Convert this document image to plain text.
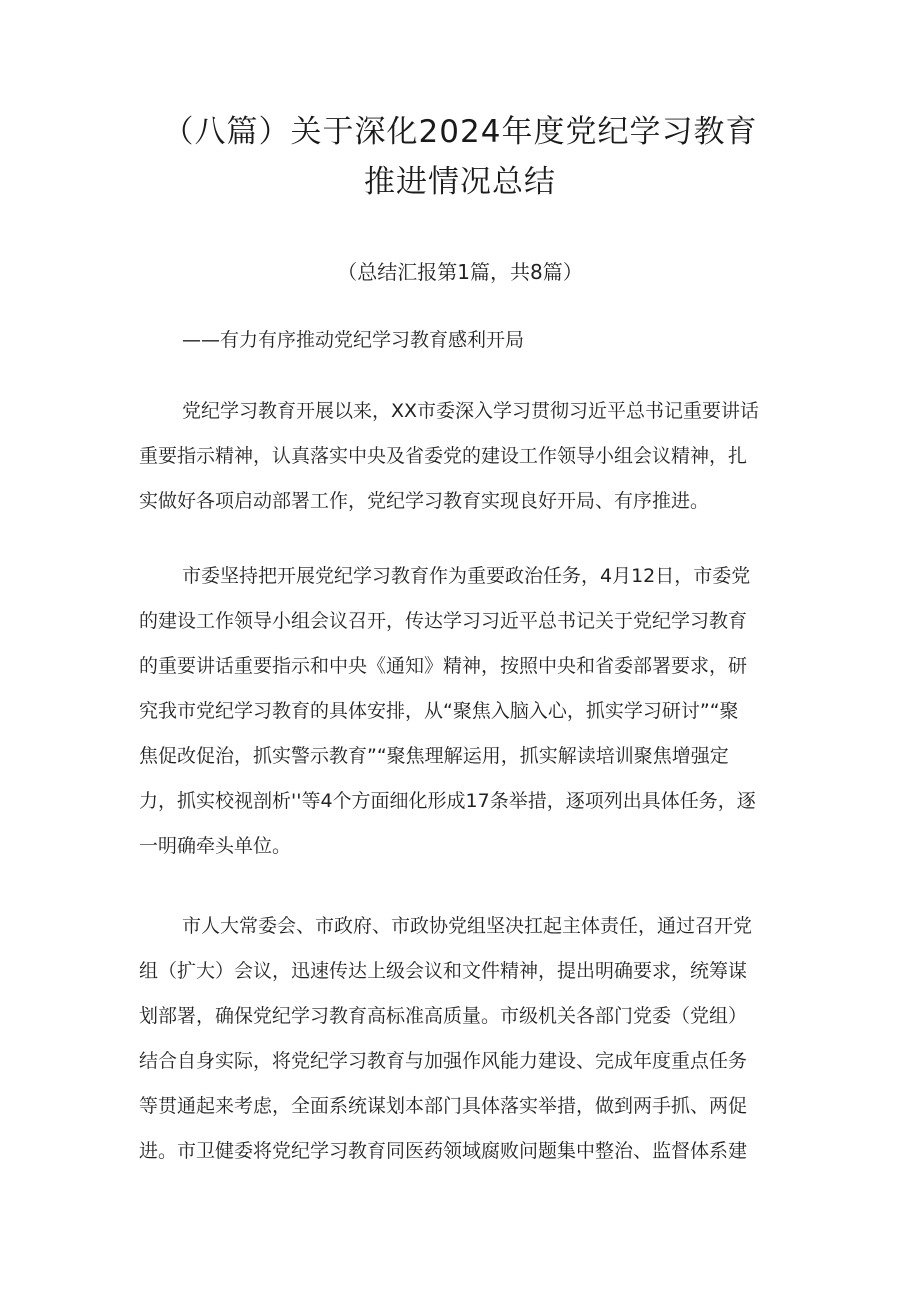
（八篇）关于深化2024年度党纪学习教育
推进情况总结
（总结汇报第1篇，共8篇）
——有力有序推动党纪学习教育感利开局
党纪学习教育开展以来，XX市委深入学习贯彻习近平总书记重要讲话
重要指示精神，认真落实中央及省委党的建设工作领导小组会议精神，扎
实做好各项启动部署工作，党纪学习教育实现良好开局、有序推进。
市委坚持把开展党纪学习教育作为重要政治任务，4月12日，市委党
的建设工作领导小组会议召开，传达学习习近平总书记关于党纪学习教育
的重要讲话重要指示和中央《通知》精神，按照中央和省委部署要求，研
究我市党纪学习教育的具体安排，从“聚焦入脑入心，抓实学习研讨”“聚
焦促改促治，抓实警示教育”“聚焦理解运用，抓实解读培训聚焦增强定
力，抓实校视剖析''等4个方面细化形成17条举措，逐项列出具体任务，逐
一明确牵头单位。
市人大常委会、市政府、市政协党组坚决扛起主体责任，通过召开党
组（扩大）会议，迅速传达上级会议和文件精神，提出明确要求，统筹谋
划部署，确保党纪学习教育高标准高质量。市级机关各部门党委（党组）
结合自身实际，将党纪学习教育与加强作风能力建设、完成年度重点任务
等贯通起来考虑，全面系统谋划本部门具体落实举措，做到两手抓、两促
进。市卫健委将党纪学习教育同医药领域腐败问题集中整治、监督体系建
